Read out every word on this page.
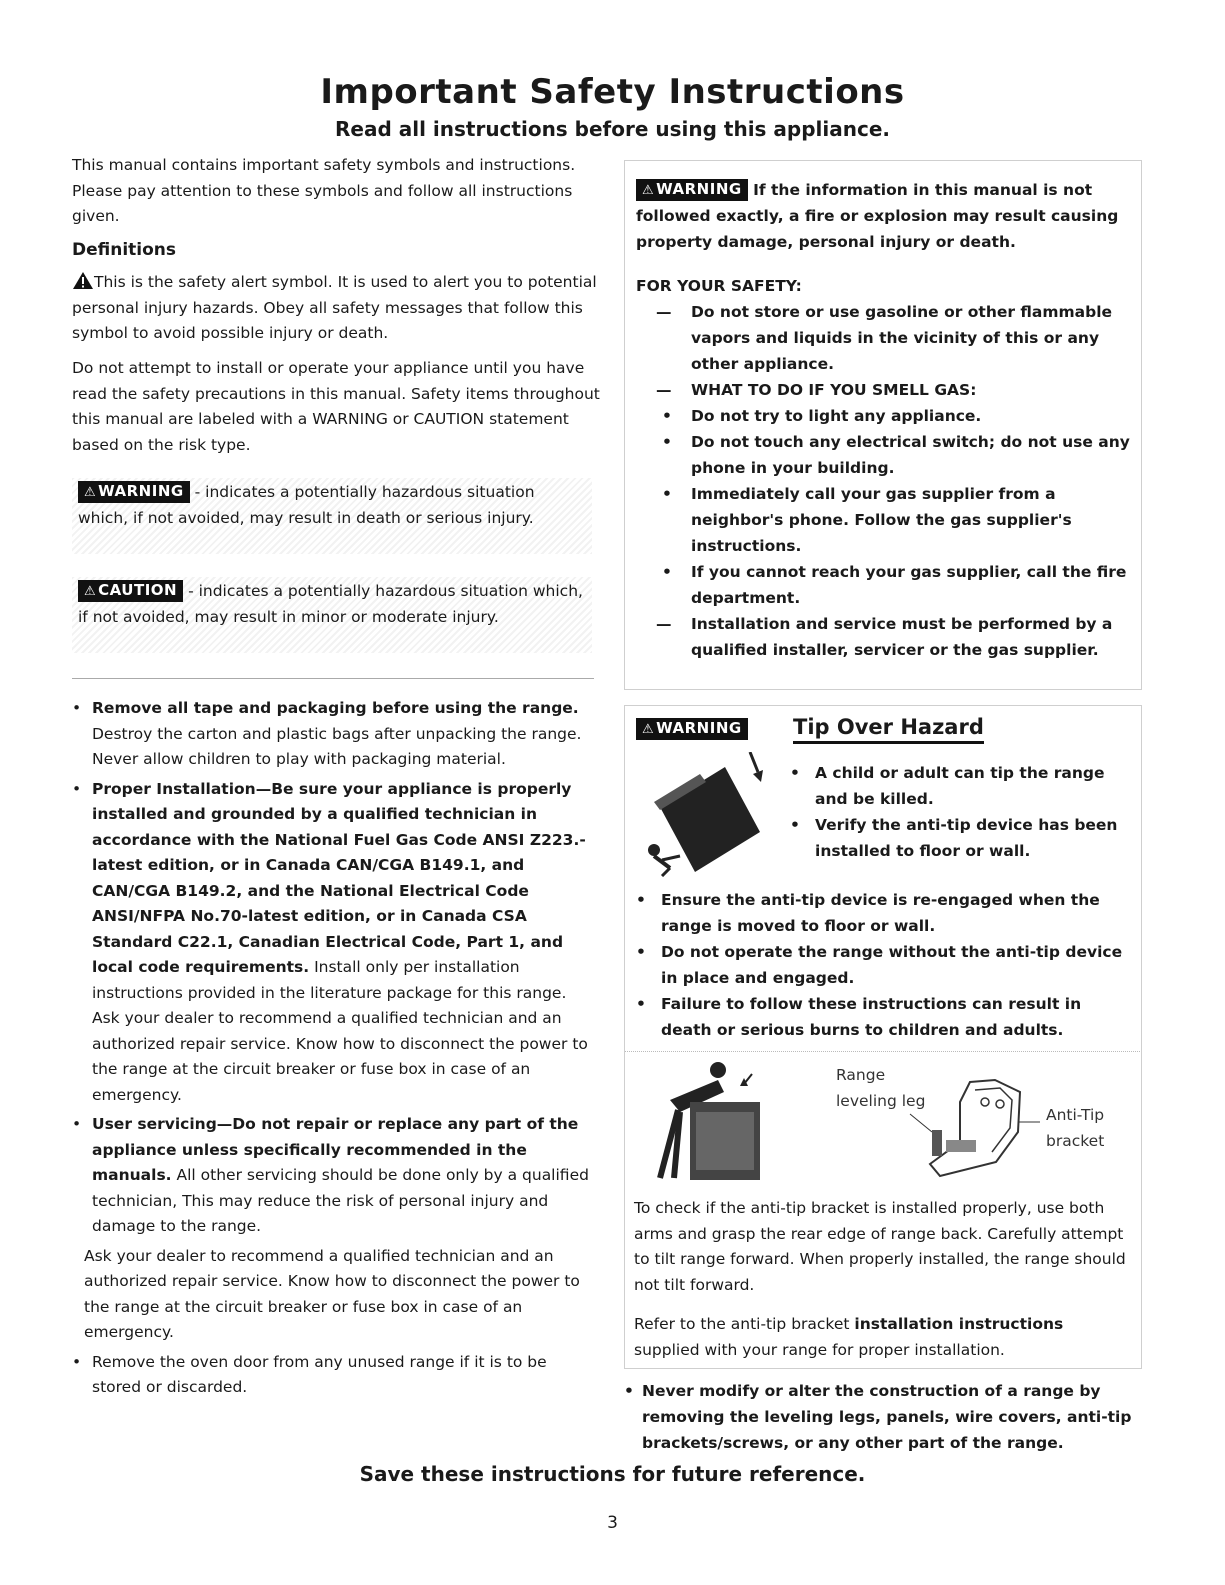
Important Safety Instructions
Read all instructions before using this appliance.
This manual contains important safety symbols and instructions. Please pay attention to these symbols and follow all instructions given.
Definitions
This is the safety alert symbol. It is used to alert you to potential personal injury hazards. Obey all safety messages that follow this symbol to avoid possible injury or death.
Do not attempt to install or operate your appliance until you have read the safety precautions in this manual. Safety items throughout this manual are labeled with a WARNING or CAUTION statement based on the risk type.
⚠ WARNING - indicates a potentially hazardous situation which, if not avoided, may result in death or serious injury.
⚠ CAUTION - indicates a potentially hazardous situation which, if not avoided, may result in minor or moderate injury.
• Remove all tape and packaging before using the range.
Destroy the carton and plastic bags after unpacking the range. Never allow children to play with packaging material.
• Proper Installation—Be sure your appliance is properly installed and grounded by a qualified technician in accordance with the National Fuel Gas Code ANSI Z223.- latest edition, or in Canada CAN/CGA B149.1, and CAN/CGA B149.2, and the National Electrical Code ANSI/NFPA No.70-latest edition, or in Canada CSA Standard C22.1, Canadian Electrical Code, Part 1, and local code requirements. Install only per installation instructions provided in the literature package for this range. Ask your dealer to recommend a qualified technician and an authorized repair service. Know how to disconnect the power to the range at the circuit breaker or fuse box in case of an emergency.
• User servicing—Do not repair or replace any part of the appliance unless specifically recommended in the manuals. All other servicing should be done only by a qualified technician, This may reduce the risk of personal injury and damage to the range.
Ask your dealer to recommend a qualified technician and an authorized repair service. Know how to disconnect the power to the range at the circuit breaker or fuse box in case of an emergency.
• Remove the oven door from any unused range if it is to be stored or discarded.
⚠ WARNING If the information in this manual is not followed exactly, a fire or explosion may result causing property damage, personal injury or death.
FOR YOUR SAFETY:
— Do not store or use gasoline or other flammable vapors and liquids in the vicinity of this or any other appliance.
— WHAT TO DO IF YOU SMELL GAS:
• Do not try to light any appliance.
• Do not touch any electrical switch; do not use any phone in your building.
• Immediately call your gas supplier from a neighbor's phone. Follow the gas supplier's instructions.
• If you cannot reach your gas supplier, call the fire department.
— Installation and service must be performed by a qualified installer, servicer or the gas supplier.
⚠ WARNING Tip Over Hazard
• A child or adult can tip the range and be killed.
• Verify the anti-tip device has been installed to floor or wall.
• Ensure the anti-tip device is re-engaged when the range is moved to floor or wall.
• Do not operate the range without the anti-tip device in place and engaged.
• Failure to follow these instructions can result in death or serious burns to children and adults.
Range
leveling leg
Anti-Tip
bracket
To check if the anti-tip bracket is installed properly, use both arms and grasp the rear edge of range back. Carefully attempt to tilt range forward. When properly installed, the range should not tilt forward.
Refer to the anti-tip bracket installation instructions supplied with your range for proper installation.
• Never modify or alter the construction of a range by removing the leveling legs, panels, wire covers, anti-tip brackets/screws, or any other part of the range.
Save these instructions for future reference.
3
